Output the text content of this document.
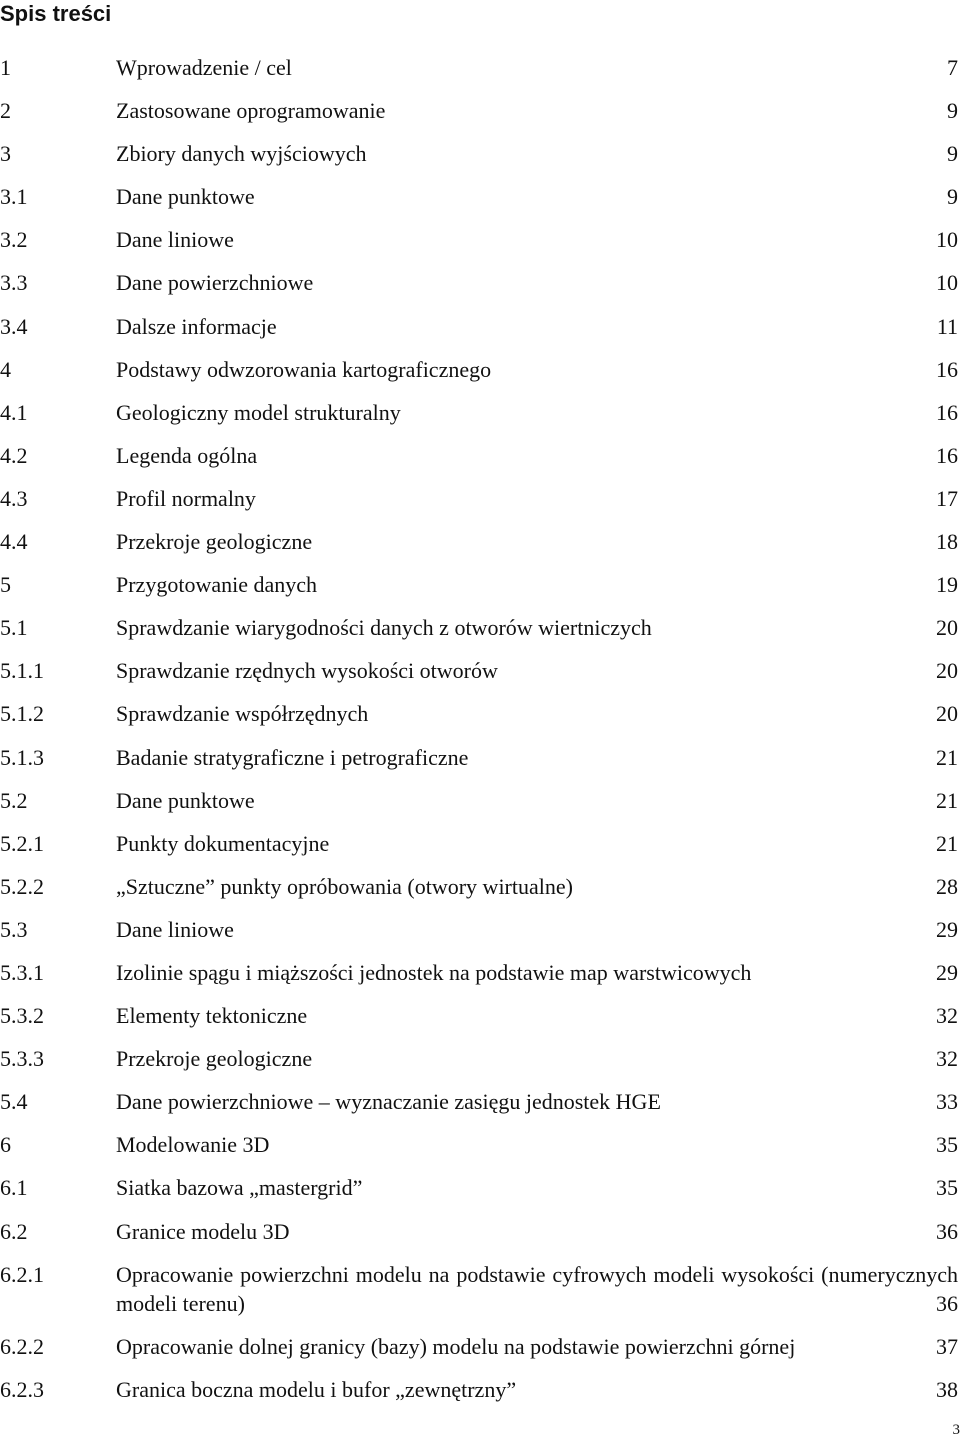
Spis treści
1	Wprowadzenie / cel	7
2	Zastosowane oprogramowanie	9
3	Zbiory danych wyjściowych	9
3.1	Dane punktowe	9
3.2	Dane liniowe	10
3.3	Dane powierzchniowe	10
3.4	Dalsze informacje	11
4	Podstawy odwzorowania kartograficznego	16
4.1	Geologiczny model strukturalny	16
4.2	Legenda ogólna	16
4.3	Profil normalny	17
4.4	Przekroje geologiczne	18
5	Przygotowanie danych	19
5.1	Sprawdzanie wiarygodności danych z otworów wiertniczych	20
5.1.1	Sprawdzanie rzędnych wysokości otworów	20
5.1.2	Sprawdzanie współrzędnych	20
5.1.3	Badanie stratygraficzne i petrograficzne	21
5.2	Dane punktowe	21
5.2.1	Punkty dokumentacyjne	21
5.2.2	„Sztuczne” punkty opróbowania (otwory wirtualne)	28
5.3	Dane liniowe	29
5.3.1	Izolinie spągu i miąższości jednostek na podstawie map warstwicowych	29
5.3.2	Elementy tektoniczne	32
5.3.3	Przekroje geologiczne	32
5.4	Dane powierzchniowe – wyznaczanie zasięgu jednostek HGE	33
6	Modelowanie 3D	35
6.1	Siatka bazowa „mastergrid”	35
6.2	Granice modelu 3D	36
6.2.1	Opracowanie powierzchni modelu na podstawie cyfrowych modeli wysokości (numerycznych modeli terenu)	36
6.2.2	Opracowanie dolnej granicy (bazy) modelu na podstawie powierzchni górnej	37
6.2.3	Granica boczna modelu i bufor „zewnętrzny”	38
3
